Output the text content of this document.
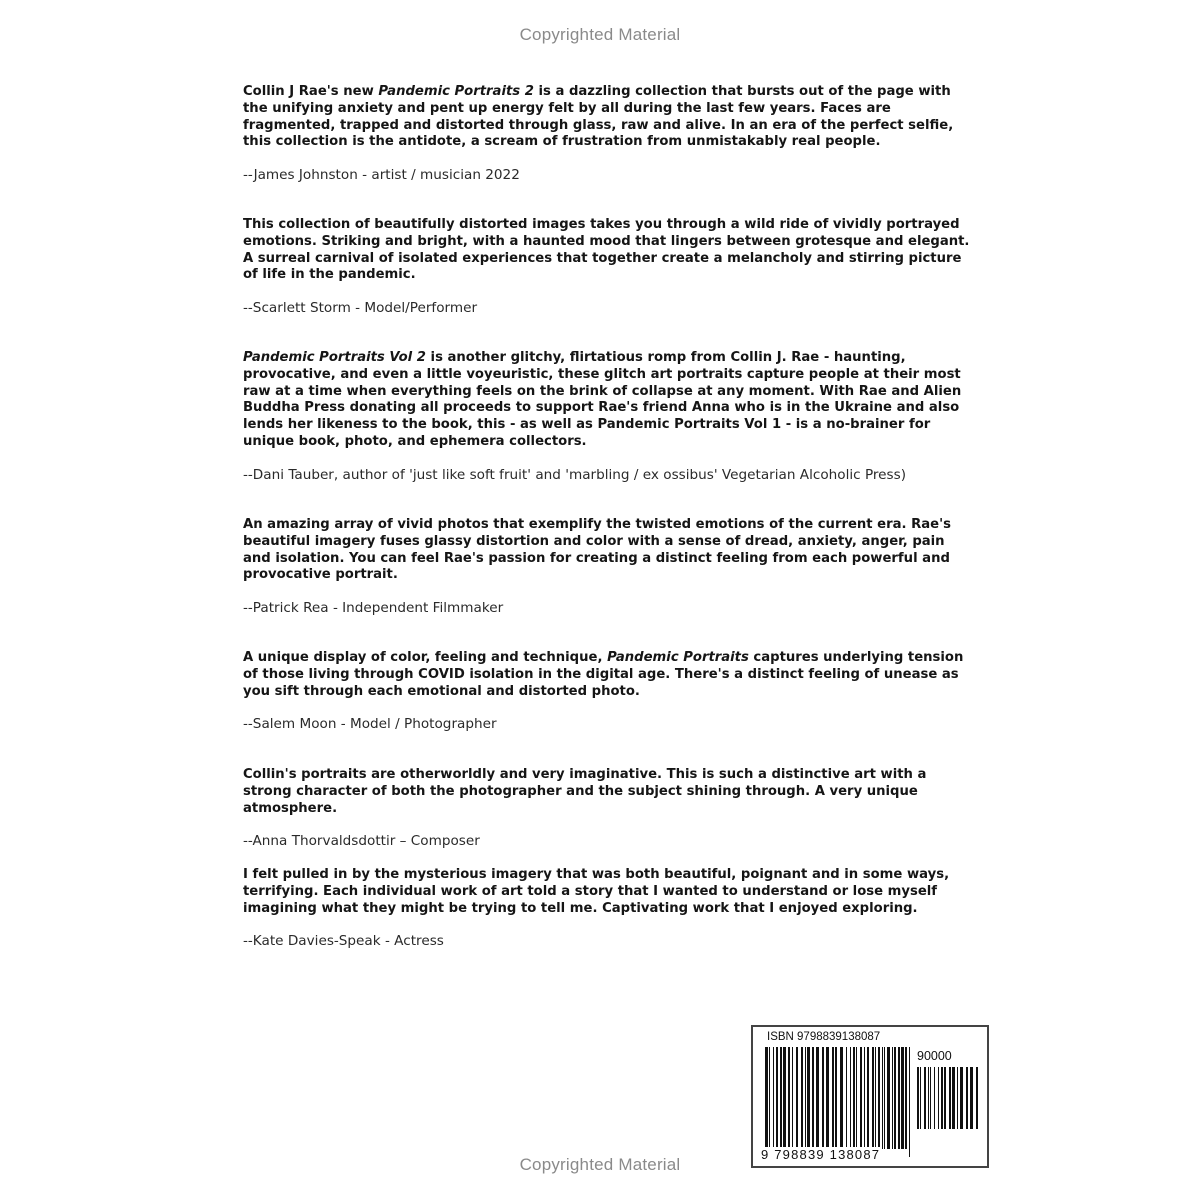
Copyrighted Material

Collin J Rae's new Pandemic Portraits 2 is a dazzling collection that bursts out of the page with the unifying anxiety and pent up energy felt by all during the last few years. Faces are fragmented, trapped and distorted through glass, raw and alive. In an era of the perfect selfie, this collection is the antidote, a scream of frustration from unmistakably real people.

--James Johnston - artist / musician 2022

This collection of beautifully distorted images takes you through a wild ride of vividly portrayed emotions. Striking and bright, with a haunted mood that lingers between grotesque and elegant. A surreal carnival of isolated experiences that together create a melancholy and stirring picture of life in the pandemic.

--Scarlett Storm - Model/Performer

Pandemic Portraits Vol 2 is another glitchy, flirtatious romp from Collin J. Rae - haunting, provocative, and even a little voyeuristic, these glitch art portraits capture people at their most raw at a time when everything feels on the brink of collapse at any moment. With Rae and Alien Buddha Press donating all proceeds to support Rae's friend Anna who is in the Ukraine and also lends her likeness to the book, this - as well as Pandemic Portraits Vol 1 - is a no-brainer for unique book, photo, and ephemera collectors.

--Dani Tauber, author of 'just like soft fruit' and 'marbling / ex ossibus' Vegetarian Alcoholic Press)

An amazing array of vivid photos that exemplify the twisted emotions of the current era. Rae's beautiful imagery fuses glassy distortion and color with a sense of dread, anxiety, anger, pain and isolation. You can feel Rae's passion for creating a distinct feeling from each powerful and provocative portrait.

--Patrick Rea - Independent Filmmaker

A unique display of color, feeling and technique, Pandemic Portraits captures underlying tension of those living through COVID isolation in the digital age. There's a distinct feeling of unease as you sift through each emotional and distorted photo.

--Salem Moon - Model / Photographer

Collin's portraits are otherworldly and very imaginative. This is such a distinctive art with a strong character of both the photographer and the subject shining through. A very unique atmosphere.

--Anna Thorvaldsdottir – Composer

I felt pulled in by the mysterious imagery that was both beautiful, poignant and in some ways, terrifying. Each individual work of art told a story that I wanted to understand or lose myself imagining what they might be trying to tell me. Captivating work that I enjoyed exploring.

--Kate Davies-Speak - Actress

ISBN 9798839138087
90000
9 798839 138087
Copyrighted Material
